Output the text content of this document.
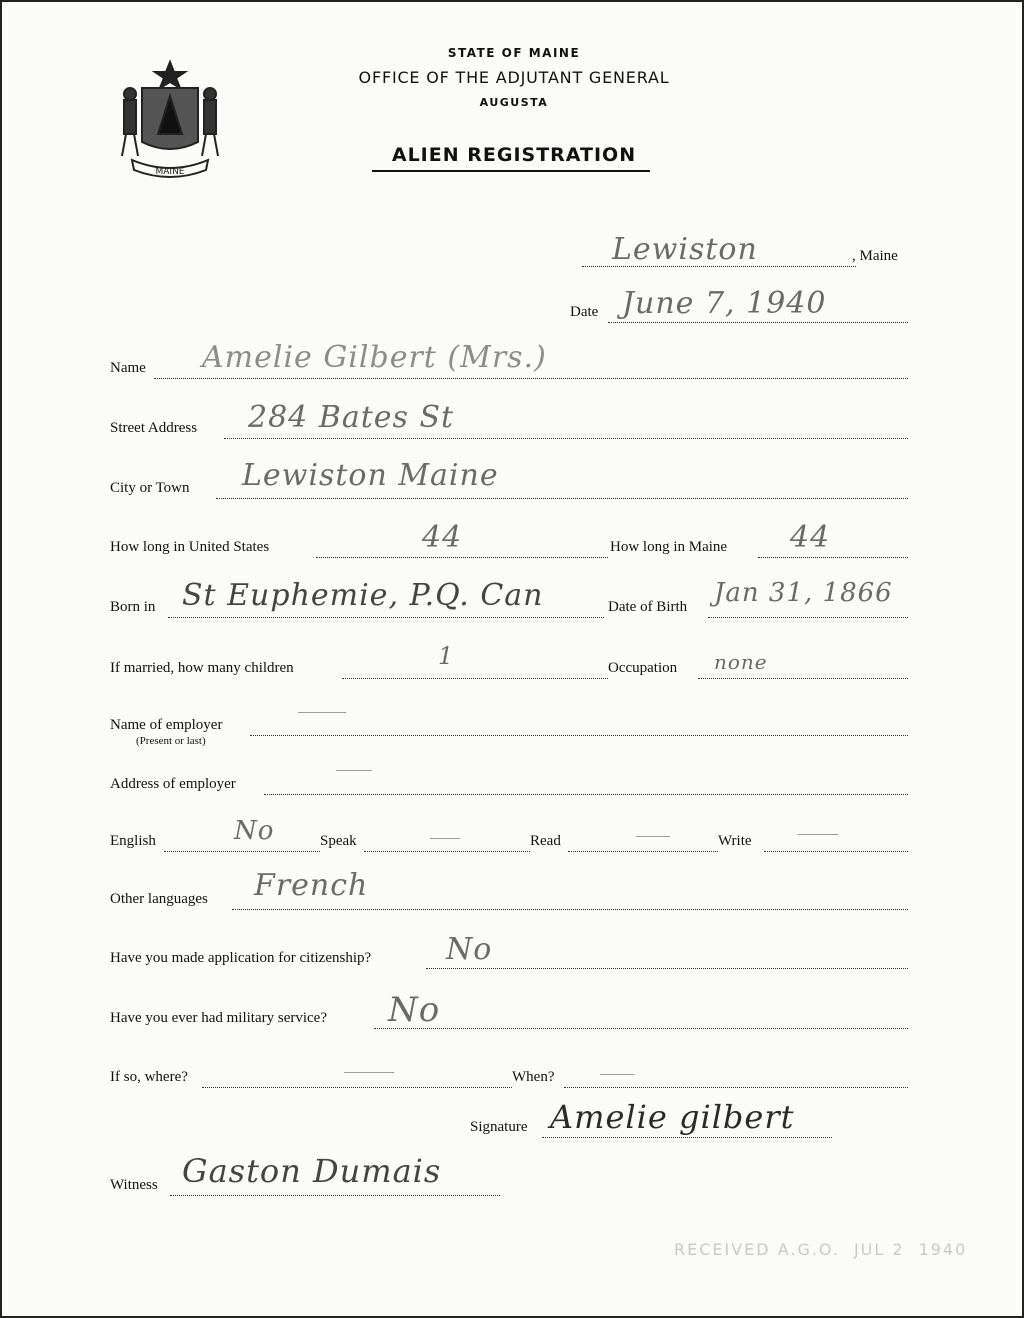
MAINE
STATE OF MAINE
OFFICE OF THE ADJUTANT GENERAL
AUGUSTA
ALIEN REGISTRATION
Lewiston	, Maine
Date June 7, 1940
Name Amelie Gilbert (Mrs.)
Street Address 284 Bates St
City or Town Lewiston Maine
How long in United States	44	How long in Maine 44
Born in St Euphemie, P.Q. Can	Date of Birth Jan 31, 1866
If married, how many children	1	Occupation none
Name of employer
(Present or last)
Address of employer
English	No	Speak	Read	Write
Other languages French
Have you made application for citizenship? No
Have you ever had military service? No
If so, where?	When?
Signature Amelie gilbert
Witness Gaston Dumais
RECEIVED A.G.O. JUL 2 1940
